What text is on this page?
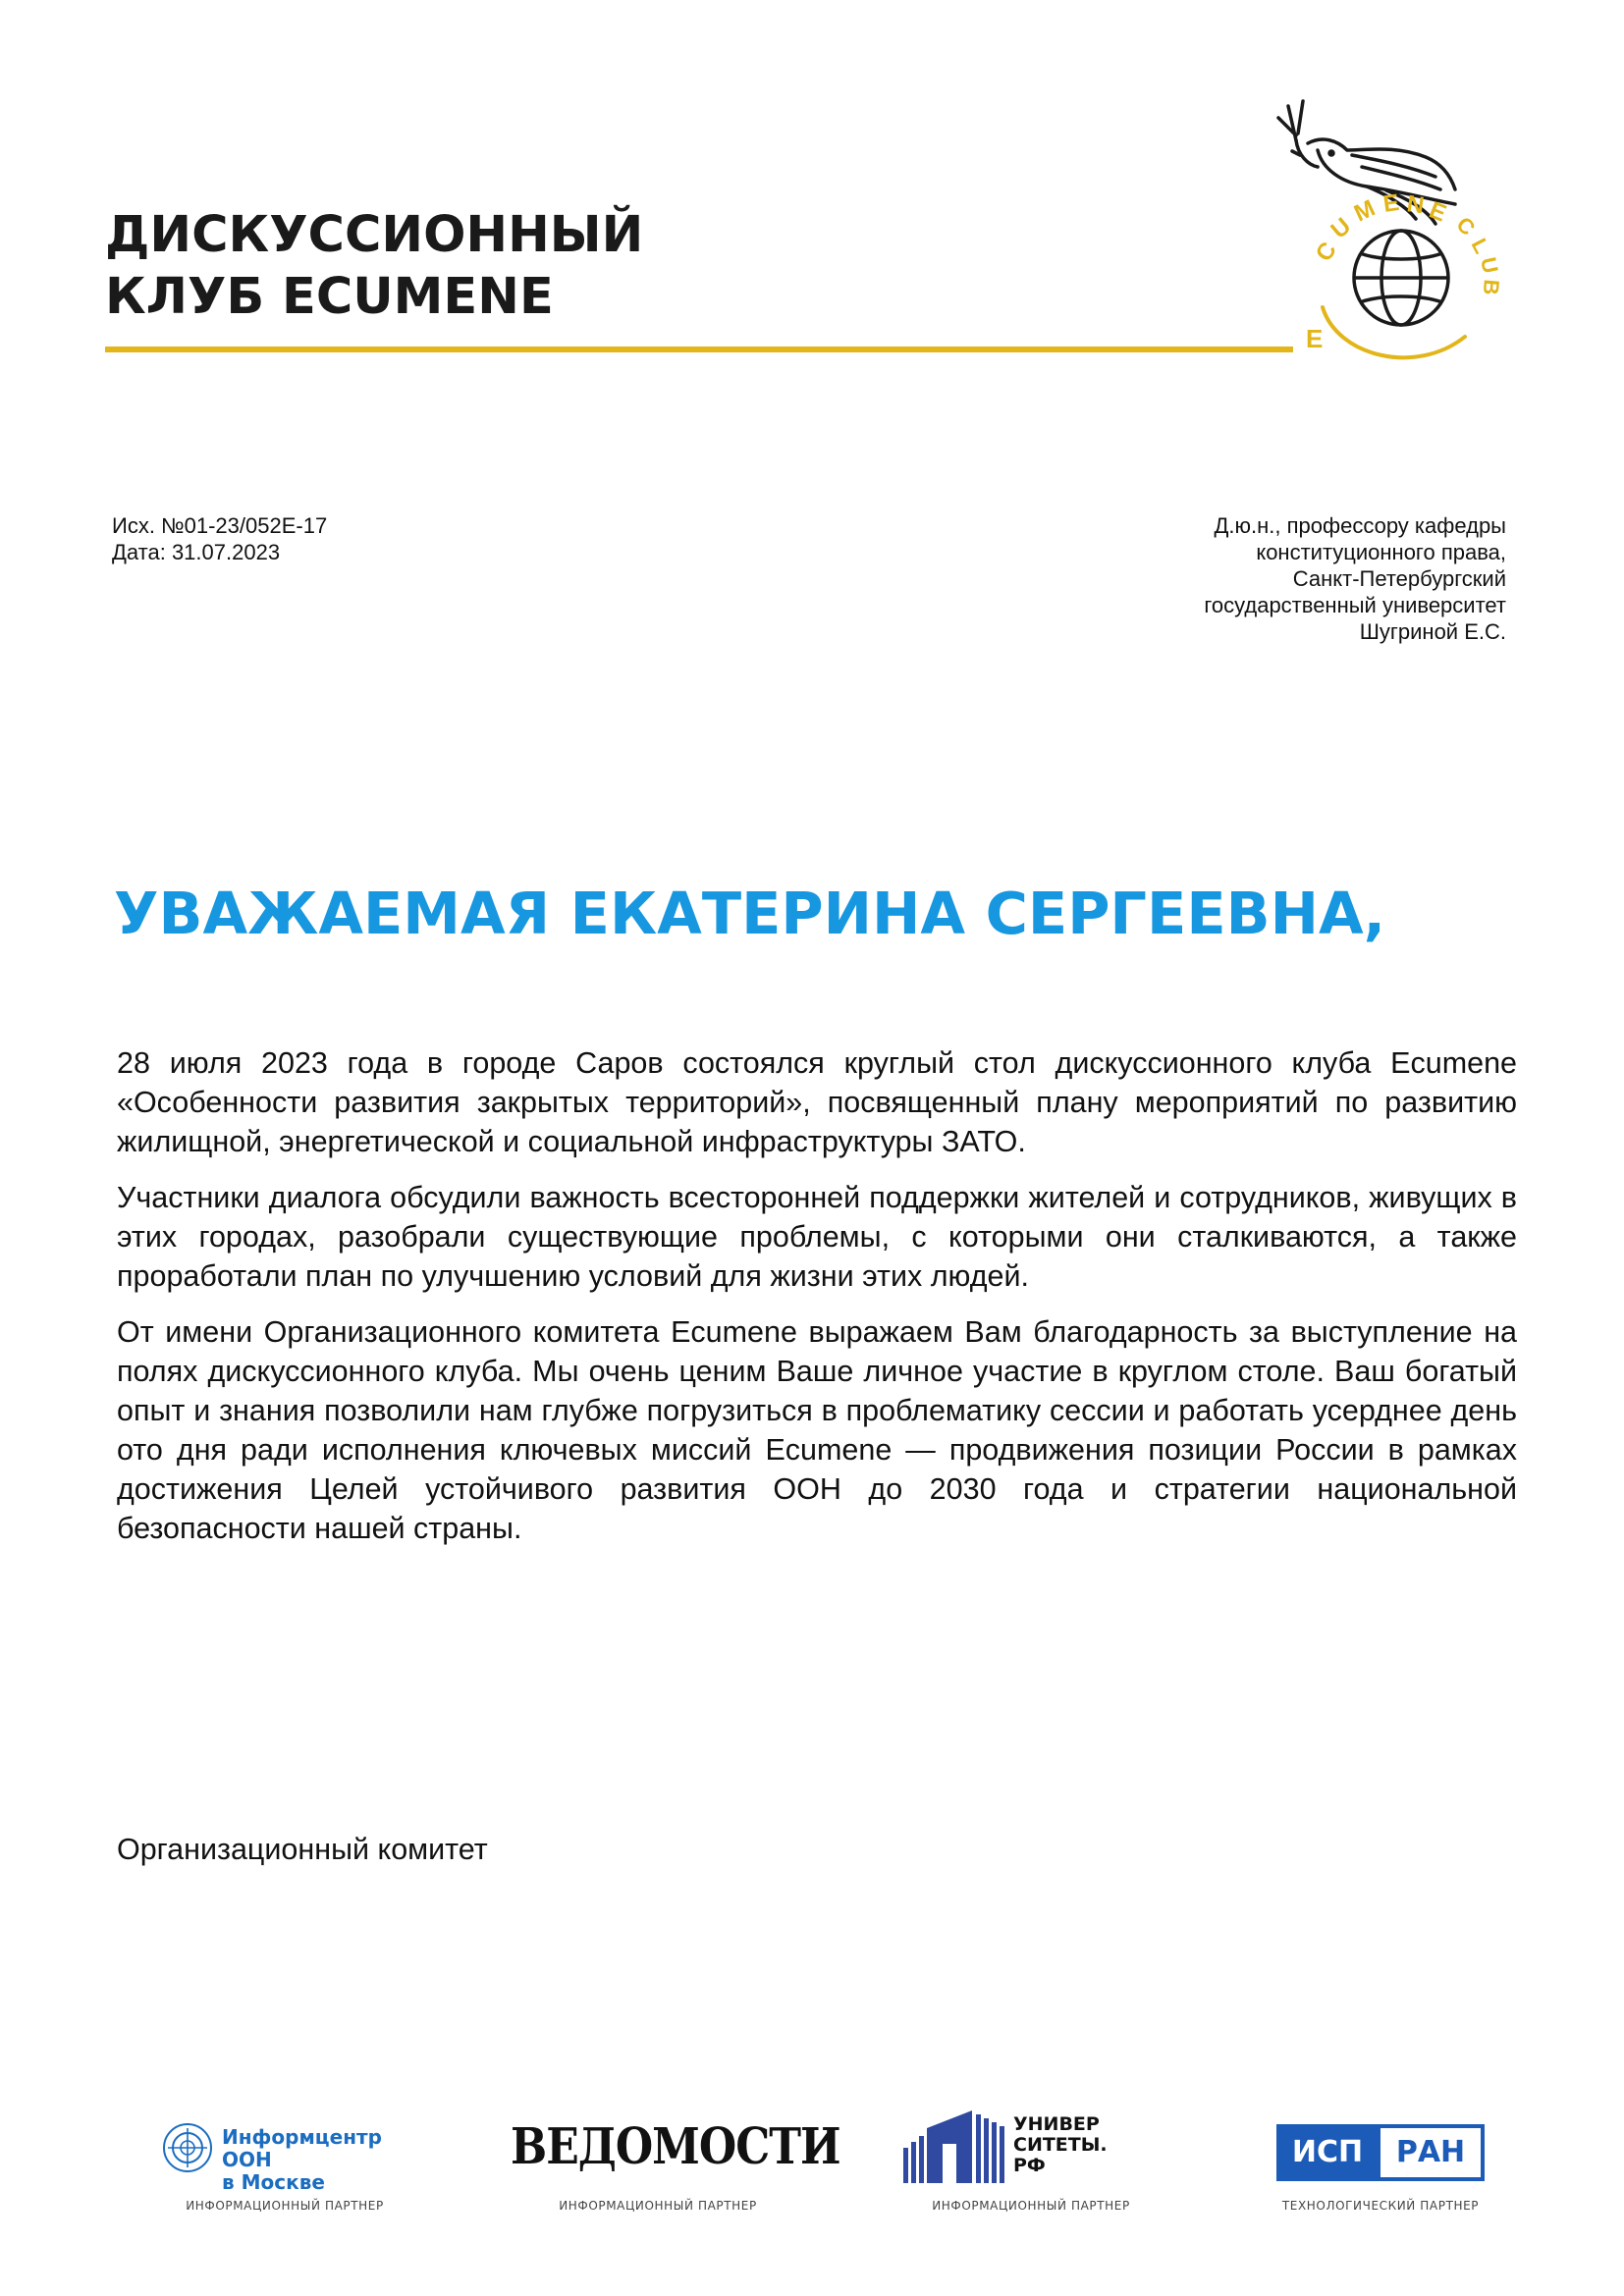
ДИСКУССИОННЫЙ
КЛУБ ECUMENE
E
C
U
M E N E C
L
U
B
Исх. №01-23/052Е-17
Дата: 31.07.2023
Д.ю.н., профессору кафедры
конституционного права,
Санкт-Петербургский
государственный университет
Шугриной Е.С.
УВАЖАЕМАЯ ЕКАТЕРИНА СЕРГЕЕВНА,

28 июля 2023 года в городе Саров состоялся круглый стол дискуссионного клуба Ecumene «Особенности развития закрытых территорий», посвященный плану мероприятий по развитию жилищной, энергетической и социальной инфраструктуры ЗАТО.

Участники диалога обсудили важность всесторонней поддержки жителей и сотрудников, живущих в этих городах, разобрали существующие проблемы, с которыми они сталкиваются, а также проработали план по улучшению условий для жизни этих людей.

От имени Организационного комитета Ecumene выражаем Вам благодарность за выступление на полях дискуссионного клуба. Мы очень ценим Ваше личное участие в круглом столе. Ваш богатый опыт и знания позволили нам глубже погрузиться в проблематику сессии и работать усерднее день ото дня ради исполнения ключевых миссий Ecumene — продвижения позиции России в рамках достижения Целей устойчивого развития ООН до 2030 года и стратегии национальной безопасности нашей страны.

Организационный комитет
Информцентр ООН
в Москве
ИНФОРМАЦИОННЫЙ ПАРТНЕР
ВЕДОМОСТИ
ИНФОРМАЦИОННЫЙ ПАРТНЕР
УНИВЕР
СИТЕТЫ.
РФ
ИНФОРМАЦИОННЫЙ ПАРТНЕР
ИСП	РАН
ТЕХНОЛОГИЧЕСКИЙ ПАРТНЕР
